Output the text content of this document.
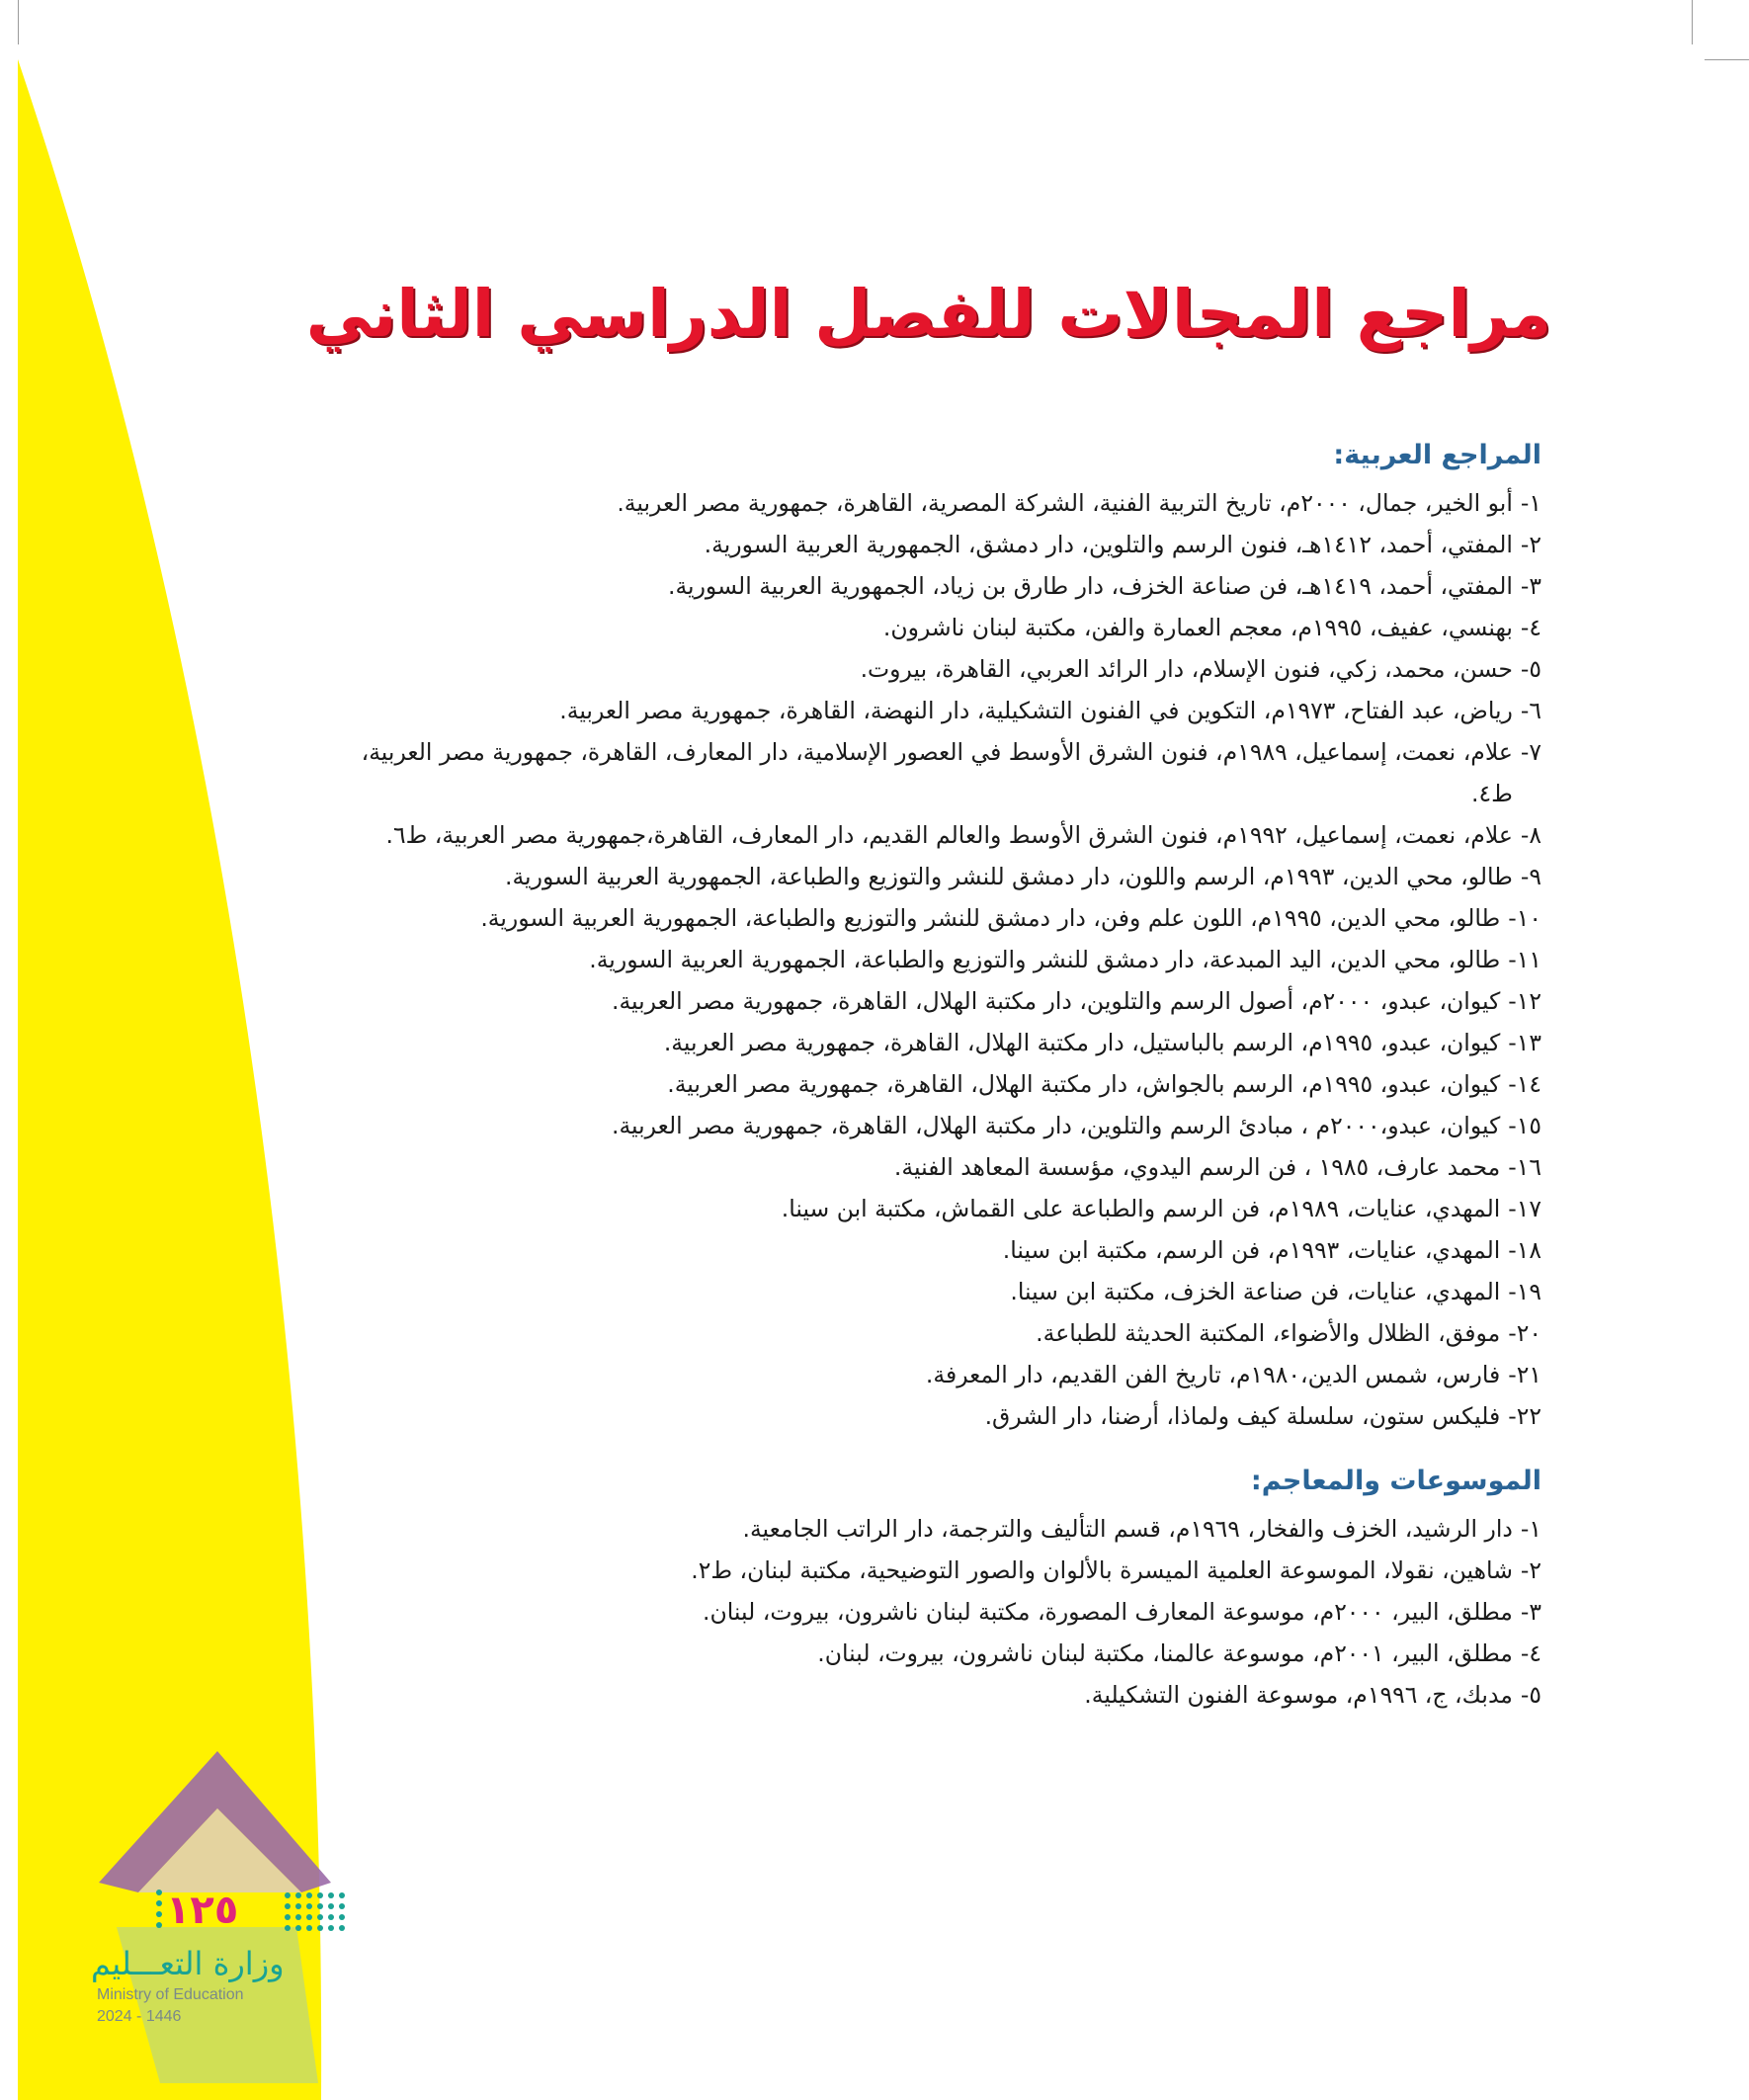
مراجع المجالات للفصل الدراسي الثاني
المراجع العربية:
١-
أبو الخير، جمال، ٢٠٠٠م، تاريخ التربية الفنية، الشركة المصرية، القاهرة، جمهورية مصر العربية.
٢-
المفتي، أحمد، ١٤١٢هـ، فنون الرسم والتلوين، دار دمشق، الجمهورية العربية السورية.
٣-
المفتي، أحمد، ١٤١٩هـ، فن صناعة الخزف، دار طارق بن زياد، الجمهورية العربية السورية.
٤-
بهنسي، عفيف، ١٩٩٥م، معجم العمارة والفن، مكتبة لبنان ناشرون.
٥-
حسن، محمد، زكي، فنون الإسلام، دار الرائد العربي، القاهرة، بيروت.
٦-
رياض، عبد الفتاح، ١٩٧٣م، التكوين في الفنون التشكيلية، دار النهضة، القاهرة، جمهورية مصر العربية.
٧-
علام، نعمت، إسماعيل، ١٩٨٩م، فنون الشرق الأوسط في العصور الإسلامية، دار المعارف، القاهرة، جمهورية مصر العربية، ط٤.
٨-
علام، نعمت، إسماعيل، ١٩٩٢م، فنون الشرق الأوسط والعالم القديم، دار المعارف، القاهرة،جمهورية مصر العربية، ط٦.
٩-
طالو، محي الدين، ١٩٩٣م، الرسم واللون، دار دمشق للنشر والتوزيع والطباعة، الجمهورية العربية السورية.
١٠-
طالو، محي الدين، ١٩٩٥م، اللون علم وفن، دار دمشق للنشر والتوزيع والطباعة، الجمهورية العربية السورية.
١١-
طالو، محي الدين، اليد المبدعة، دار دمشق للنشر والتوزيع والطباعة، الجمهورية العربية السورية.
١٢-
كيوان، عبدو، ٢٠٠٠م، أصول الرسم والتلوين، دار مكتبة الهلال، القاهرة، جمهورية مصر العربية.
١٣-
كيوان، عبدو، ١٩٩٥م، الرسم بالباستيل، دار مكتبة الهلال، القاهرة، جمهورية مصر العربية.
١٤-
كيوان، عبدو، ١٩٩٥م، الرسم بالجواش، دار مكتبة الهلال، القاهرة، جمهورية مصر العربية.
١٥-
كيوان، عبدو،٢٠٠٠م ، مبادئ الرسم والتلوين، دار مكتبة الهلال، القاهرة، جمهورية مصر العربية.
١٦-
محمد عارف، ١٩٨٥ ، فن الرسم اليدوي، مؤسسة المعاهد الفنية.
١٧-
المهدي، عنايات، ١٩٨٩م، فن الرسم والطباعة على القماش، مكتبة ابن سينا.
١٨-
المهدي، عنايات، ١٩٩٣م، فن الرسم، مكتبة ابن سينا.
١٩-
المهدي، عنايات، فن صناعة الخزف، مكتبة ابن سينا.
٢٠-
موفق، الظلال والأضواء، المكتبة الحديثة للطباعة.
٢١-
فارس، شمس الدين،١٩٨٠م، تاريخ الفن القديم، دار المعرفة.
٢٢-
فليكس ستون، سلسلة كيف ولماذا، أرضنا، دار الشرق.
الموسوعات والمعاجم:
١-
دار الرشيد، الخزف والفخار، ١٩٦٩م، قسم التأليف والترجمة، دار الراتب الجامعية.
٢-
شاهين، نقولا، الموسوعة العلمية الميسرة بالألوان والصور التوضيحية، مكتبة لبنان، ط٢.
٣-
مطلق، البير، ٢٠٠٠م، موسوعة المعارف المصورة، مكتبة لبنان ناشرون، بيروت، لبنان.
٤-
مطلق، البير، ٢٠٠١م، موسوعة عالمنا، مكتبة لبنان ناشرون، بيروت، لبنان.
٥-
مدبك، ج، ١٩٩٦م، موسوعة الفنون التشكيلية.
١٢٥
وزارة التعـــليم
Ministry of Education
2024 - 1446
